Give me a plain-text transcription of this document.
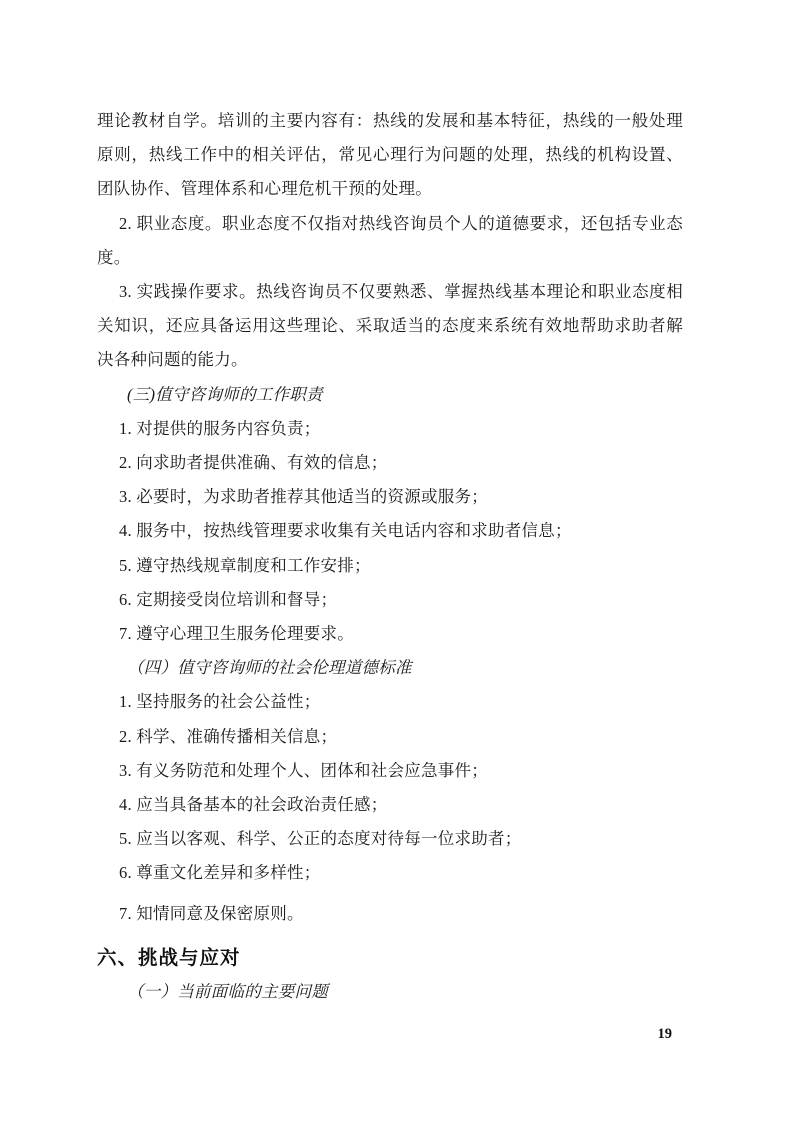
理论教材自学。培训的主要内容有：热线的发展和基本特征，热线的一般处理原则，热线工作中的相关评估，常见心理行为问题的处理，热线的机构设置、团队协作、管理体系和心理危机干预的处理。

2. 职业态度。职业态度不仅指对热线咨询员个人的道德要求，还包括专业态度。

3. 实践操作要求。热线咨询员不仅要熟悉、掌握热线基本理论和职业态度相关知识，还应具备运用这些理论、采取适当的态度来系统有效地帮助求助者解决各种问题的能力。

(三)值守咨询师的工作职责

1. 对提供的服务内容负责；

2. 向求助者提供准确、有效的信息；

3. 必要时，为求助者推荐其他适当的资源或服务；

4. 服务中，按热线管理要求收集有关电话内容和求助者信息；

5. 遵守热线规章制度和工作安排；

6. 定期接受岗位培训和督导；

7. 遵守心理卫生服务伦理要求。

（四）值守咨询师的社会伦理道德标准

1. 坚持服务的社会公益性；

2. 科学、准确传播相关信息；

3. 有义务防范和处理个人、团体和社会应急事件；

4. 应当具备基本的社会政治责任感；

5. 应当以客观、科学、公正的态度对待每一位求助者；

6. 尊重文化差异和多样性；

7. 知情同意及保密原则。

六、挑战与应对

（一）当前面临的主要问题

19
